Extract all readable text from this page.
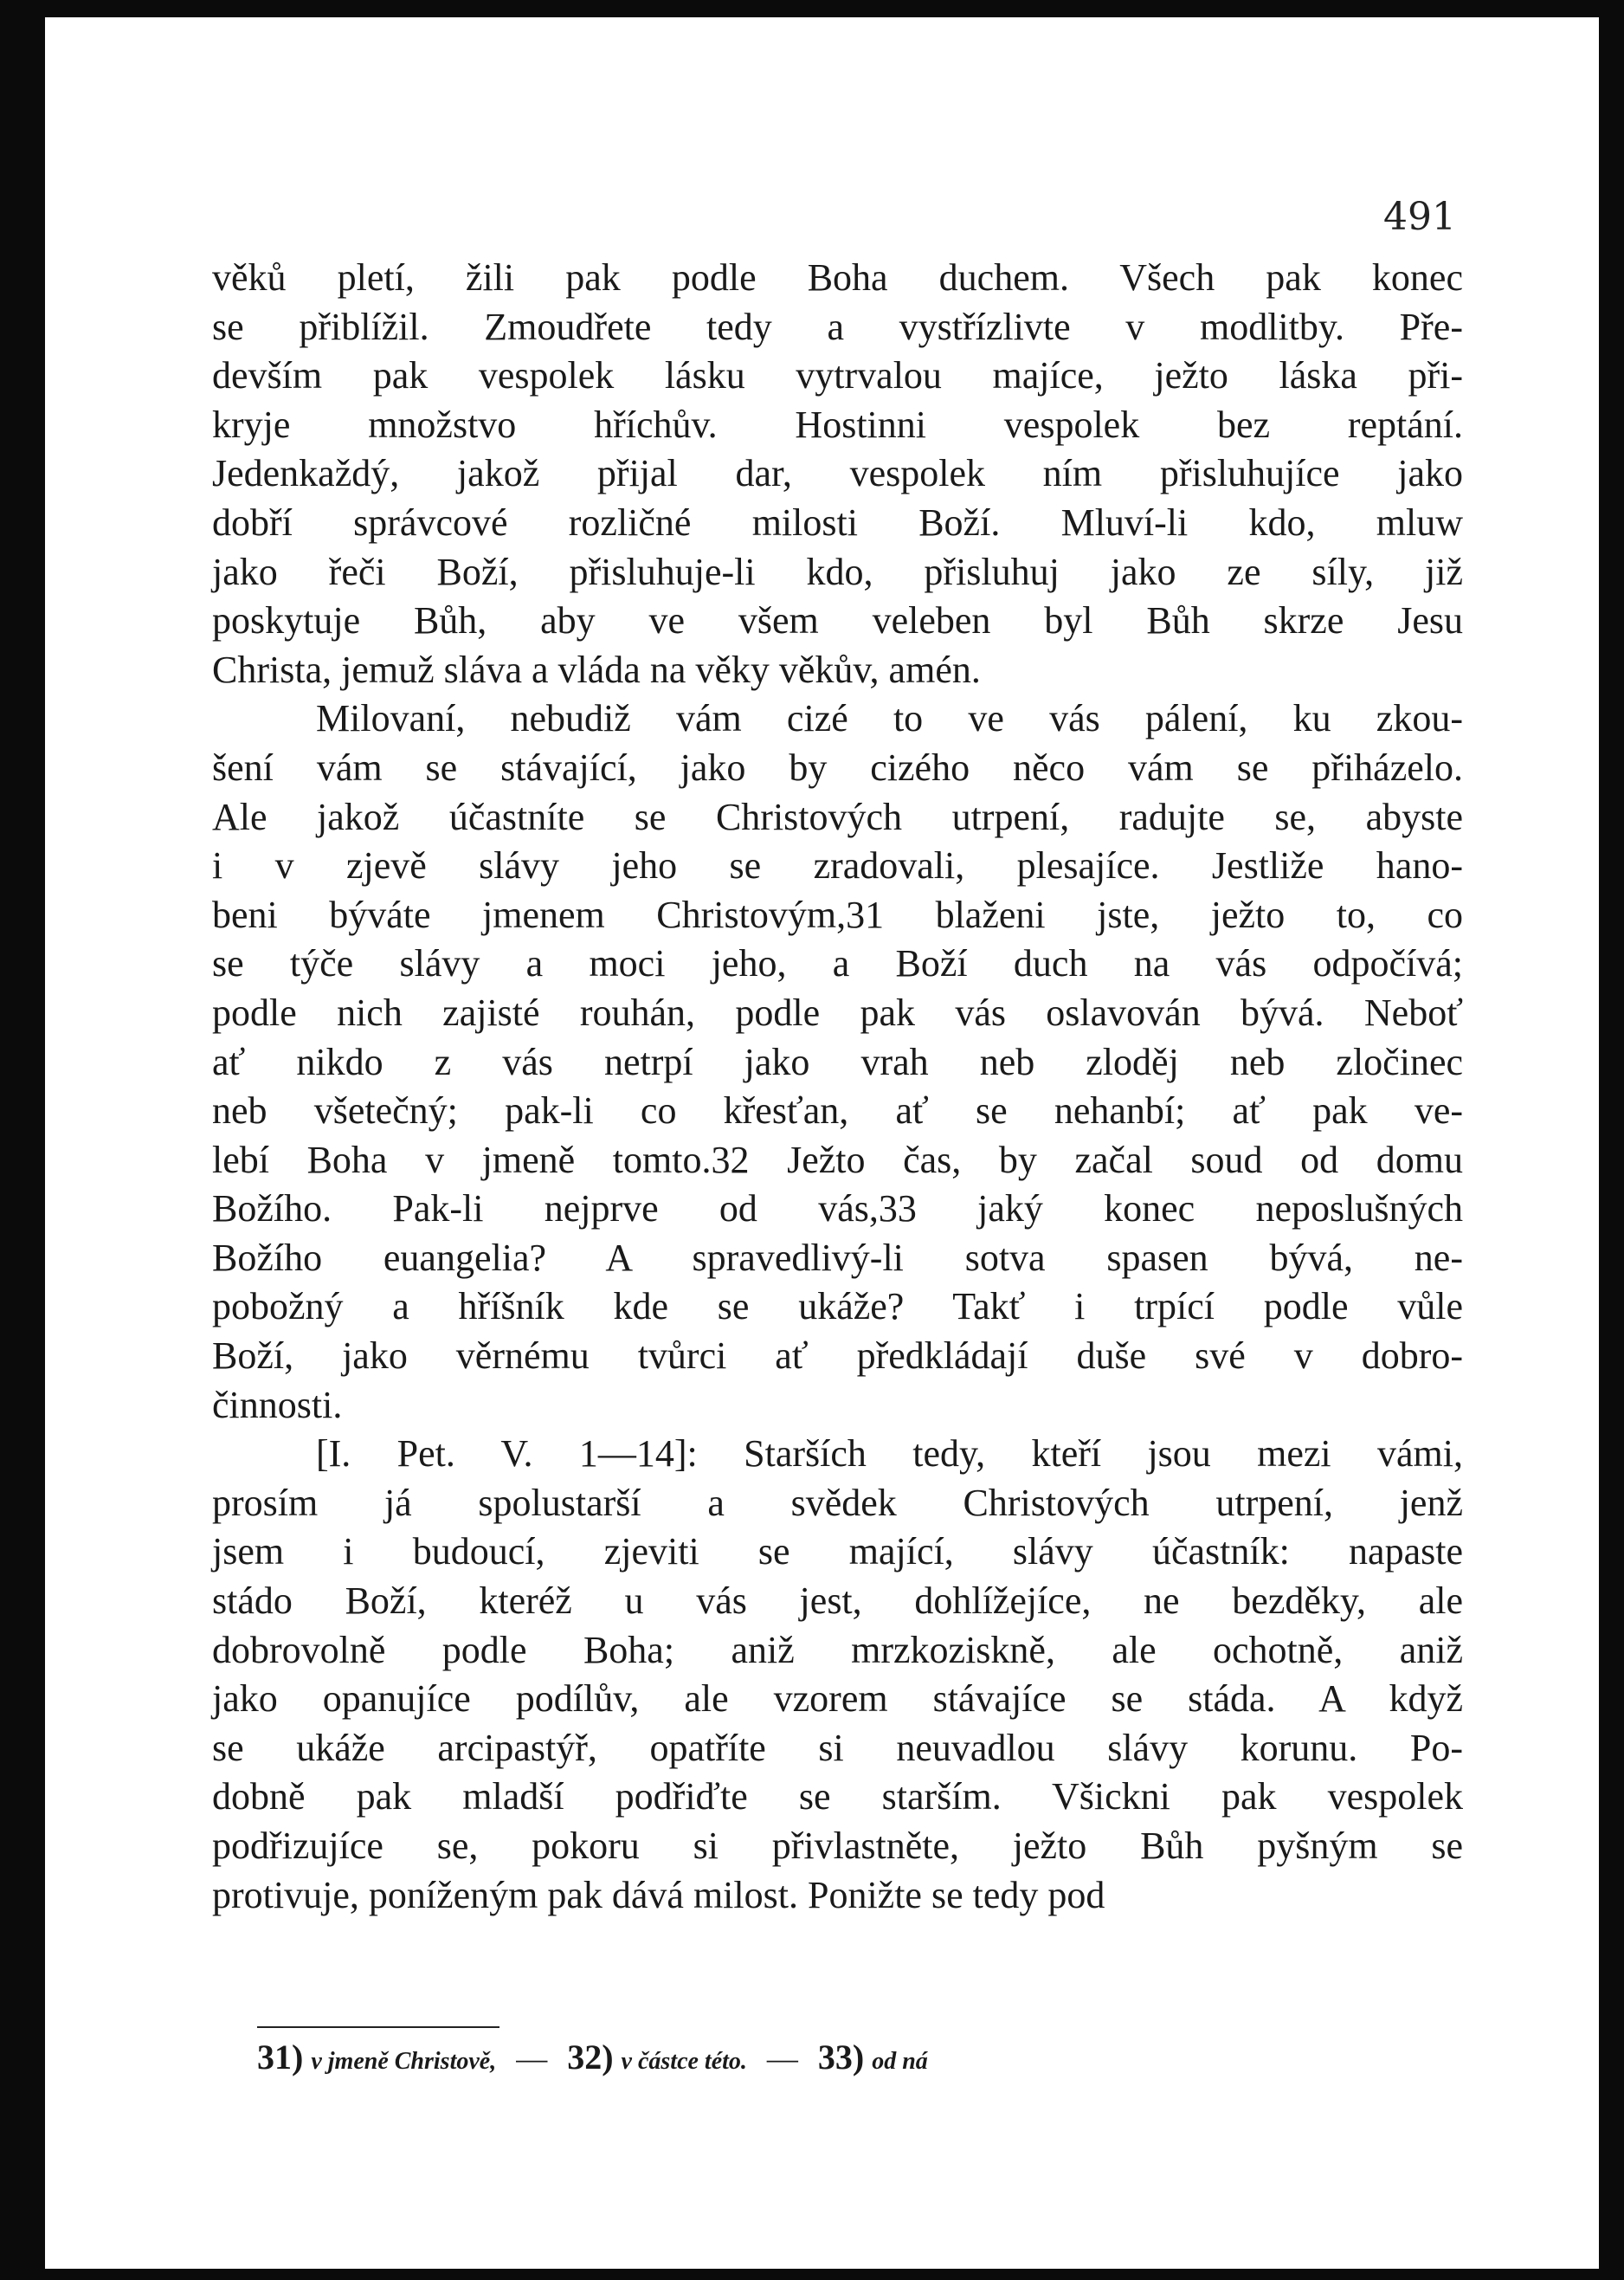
491
věků pletí, žili pak podle Boha duchem. Všech pak konec
se přiblížil. Zmoudřete tedy a vystřízlivte v modlitby. Pře-
devším pak vespolek lásku vytrvalou majíce, ježto láska při-
kryje množstvo hříchův. Hostinni vespolek bez reptání.
Jedenkaždý, jakož přijal dar, vespolek ním přisluhujíce jako
dobří správcové rozličné milosti Boží. Mluví-li kdo, mluw
jako řeči Boží, přisluhuje-li kdo, přisluhuj jako ze síly, již
poskytuje Bůh, aby ve všem veleben byl Bůh skrze Jesu
Christa, jemuž sláva a vláda na věky věkův, amén.
Milovaní, nebudiž vám cizé to ve vás pálení, ku zkou-
šení vám se stávající, jako by cizého něco vám se přiházelo.
Ale jakož účastníte se Christových utrpení, radujte se, abyste
i v zjevě slávy jeho se zradovali, plesajíce. Jestliže hano-
beni býváte jmenem Christovým,31 blaženi jste, ježto to, co
se týče slávy a moci jeho, a Boží duch na vás odpočívá;
podle nich zajisté rouhán, podle pak vás oslavován bývá. Neboť
ať nikdo z vás netrpí jako vrah neb zloděj neb zločinec
neb všetečný; pak-li co křesťan, ať se nehanbí; ať pak ve-
lebí Boha v jmeně tomto.32 Ježto čas, by začal soud od domu
Božího. Pak-li nejprve od vás,33 jaký konec neposlušných
Božího euangelia? A spravedlivý-li sotva spasen bývá, ne-
pobožný a hříšník kde se ukáže? Takť i trpící podle vůle
Boží, jako věrnému tvůrci ať předkládají duše své v dobro-
činnosti.
[I. Pet. V. 1—14]: Starších tedy, kteří jsou mezi vámi,
prosím já spolustarší a svědek Christových utrpení, jenž
jsem i budoucí, zjeviti se mající, slávy účastník: napaste
stádo Boží, kteréž u vás jest, dohlížejíce, ne bezděky, ale
dobrovolně podle Boha; aniž mrzkoziskně, ale ochotně, aniž
jako opanujíce podílův, ale vzorem stávajíce se stáda. A když
se ukáže arcipastýř, opatříte si neuvadlou slávy korunu. Po-
dobně pak mladší podřiďte se starším. Všickni pak vespolek
podřizujíce se, pokoru si přivlastněte, ježto Bůh pyšným se
protivuje, poníženým pak dává milost. Ponižte se tedy pod
31) v jmeně Christově, — 32) v částce této. — 33) od ná
